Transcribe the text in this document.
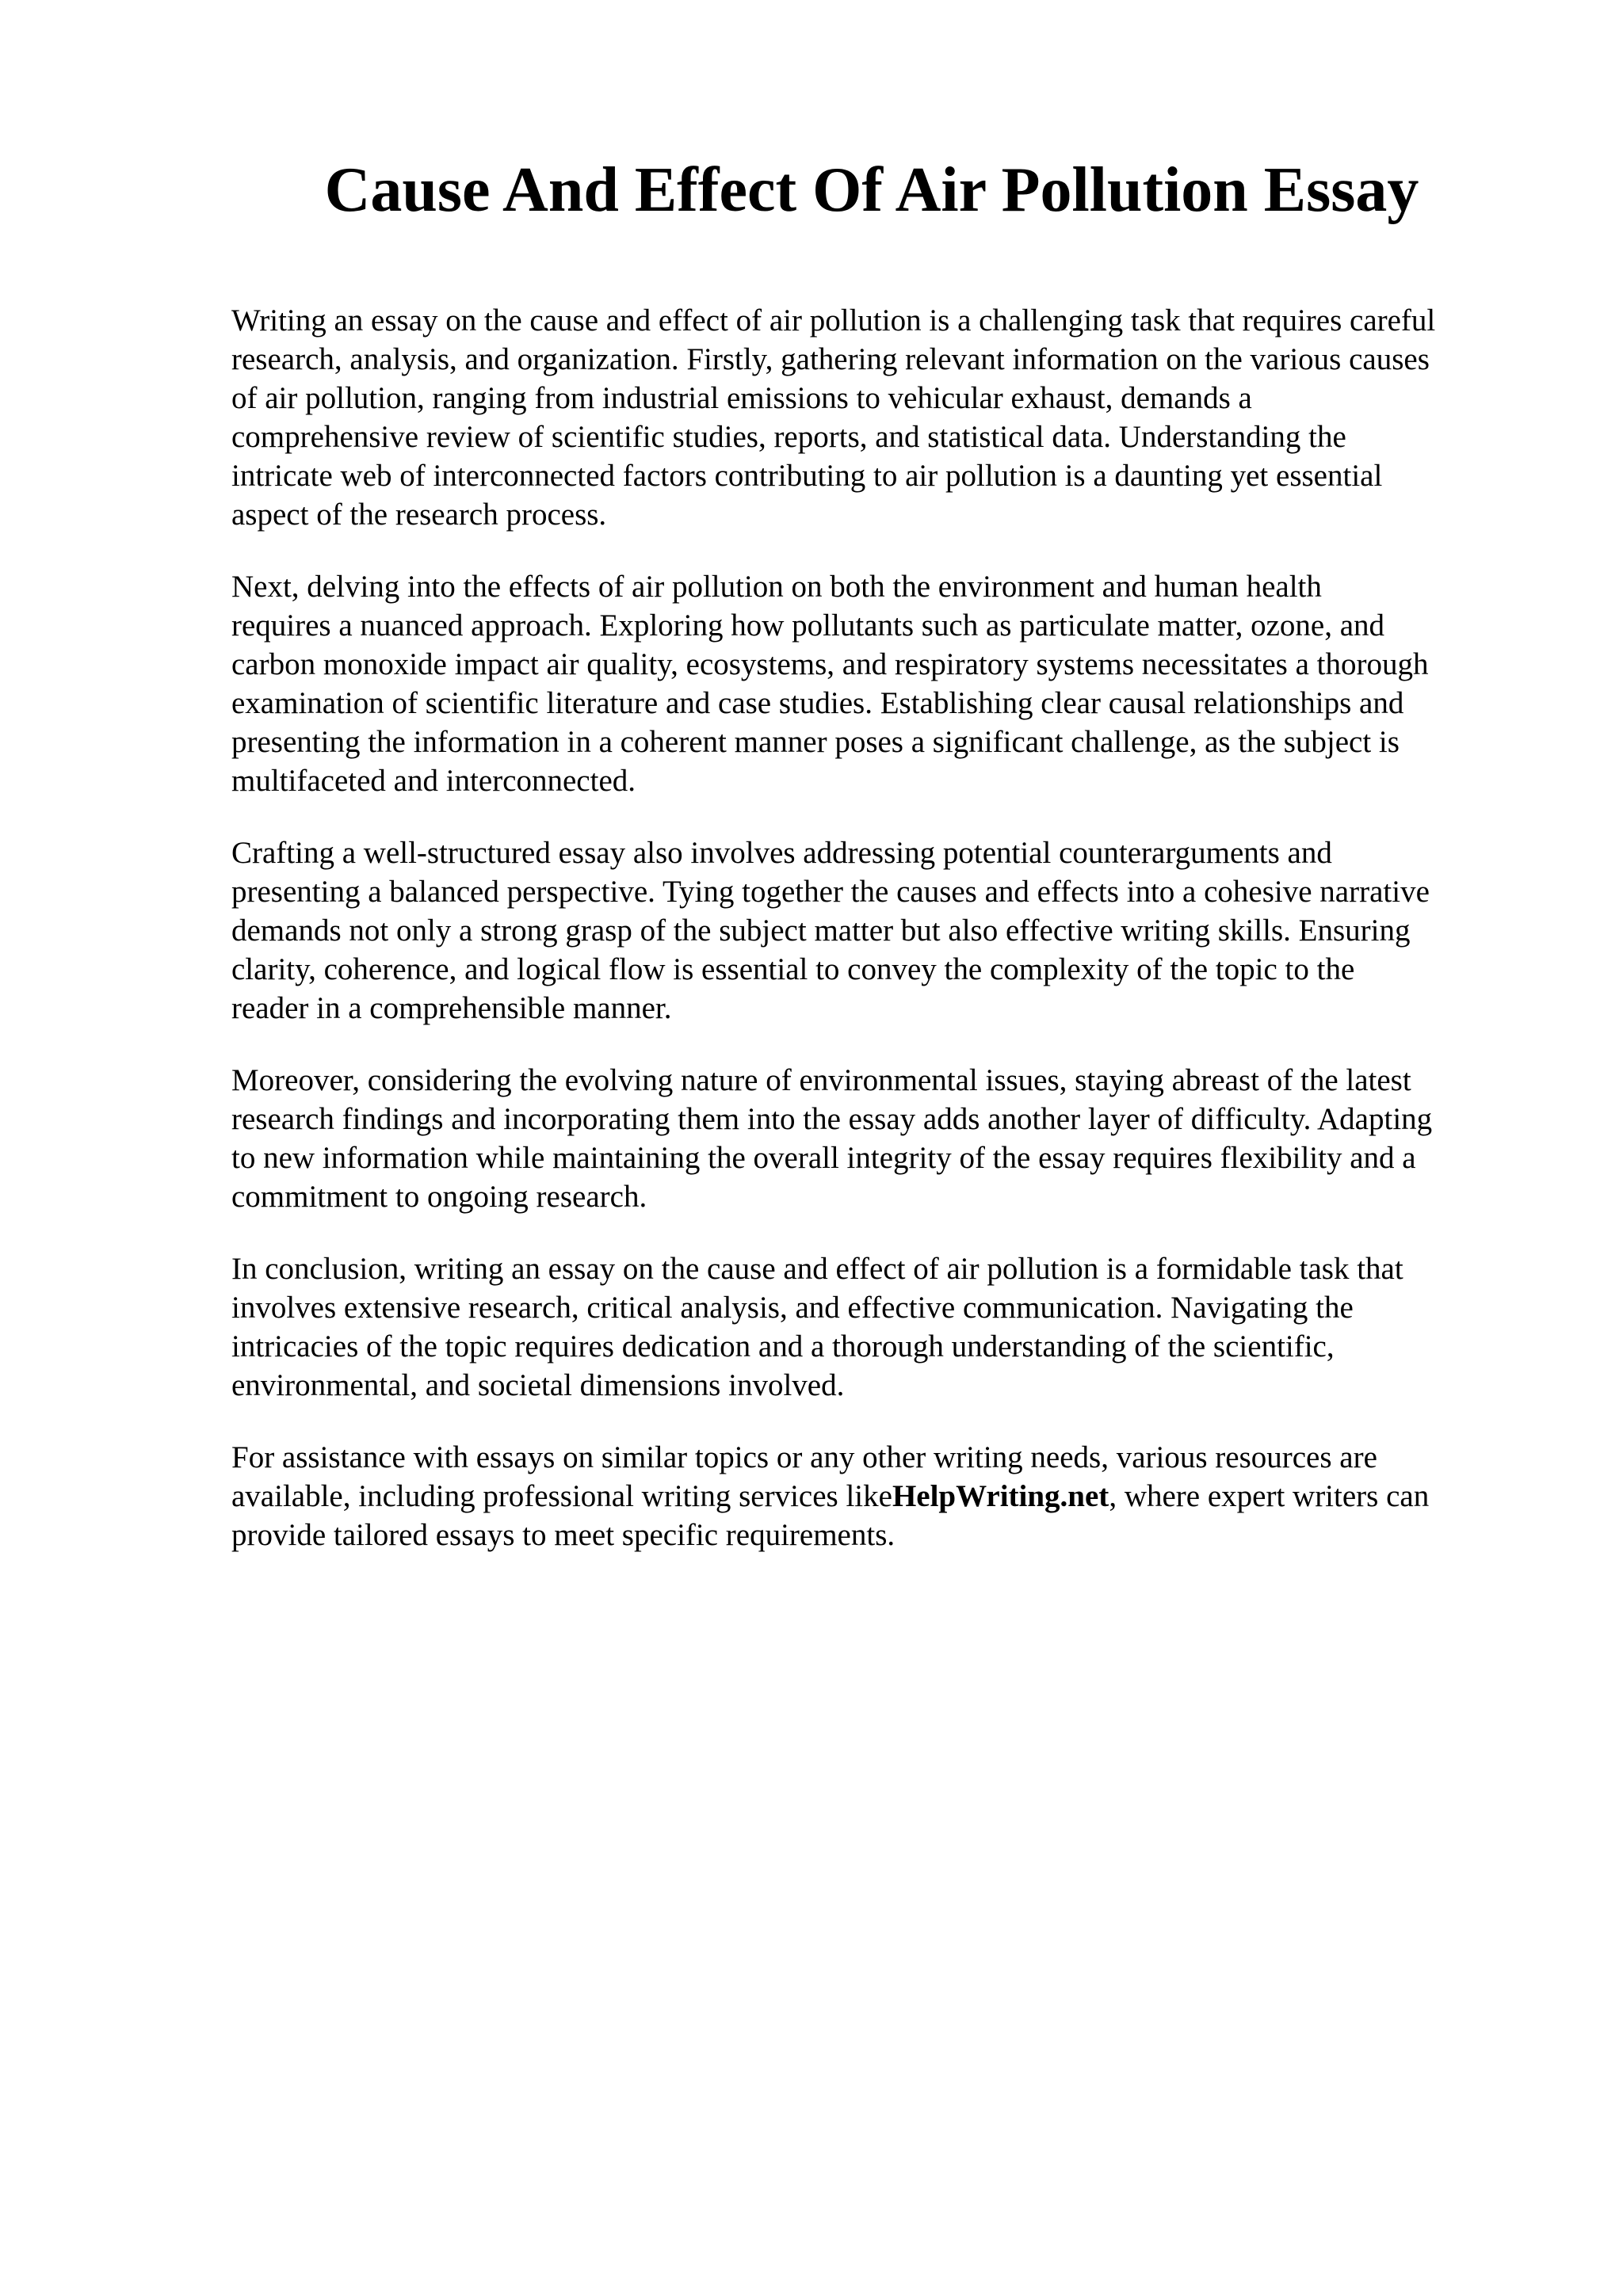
Cause And Effect Of Air Pollution Essay

Writing an essay on the cause and effect of air pollution is a challenging task that requires careful
research, analysis, and organization. Firstly, gathering relevant information on the various causes
of air pollution, ranging from industrial emissions to vehicular exhaust, demands a
comprehensive review of scientific studies, reports, and statistical data. Understanding the
intricate web of interconnected factors contributing to air pollution is a daunting yet essential
aspect of the research process.

Next, delving into the effects of air pollution on both the environment and human health
requires a nuanced approach. Exploring how pollutants such as particulate matter, ozone, and
carbon monoxide impact air quality, ecosystems, and respiratory systems necessitates a thorough
examination of scientific literature and case studies. Establishing clear causal relationships and
presenting the information in a coherent manner poses a significant challenge, as the subject is
multifaceted and interconnected.

Crafting a well-structured essay also involves addressing potential counterarguments and
presenting a balanced perspective. Tying together the causes and effects into a cohesive narrative
demands not only a strong grasp of the subject matter but also effective writing skills. Ensuring
clarity, coherence, and logical flow is essential to convey the complexity of the topic to the
reader in a comprehensible manner.

Moreover, considering the evolving nature of environmental issues, staying abreast of the latest
research findings and incorporating them into the essay adds another layer of difficulty. Adapting
to new information while maintaining the overall integrity of the essay requires flexibility and a
commitment to ongoing research.

In conclusion, writing an essay on the cause and effect of air pollution is a formidable task that
involves extensive research, critical analysis, and effective communication. Navigating the
intricacies of the topic requires dedication and a thorough understanding of the scientific,
environmental, and societal dimensions involved.

For assistance with essays on similar topics or any other writing needs, various resources are
available, including professional writing services likeHelpWriting.net, where expert writers can
provide tailored essays to meet specific requirements.
